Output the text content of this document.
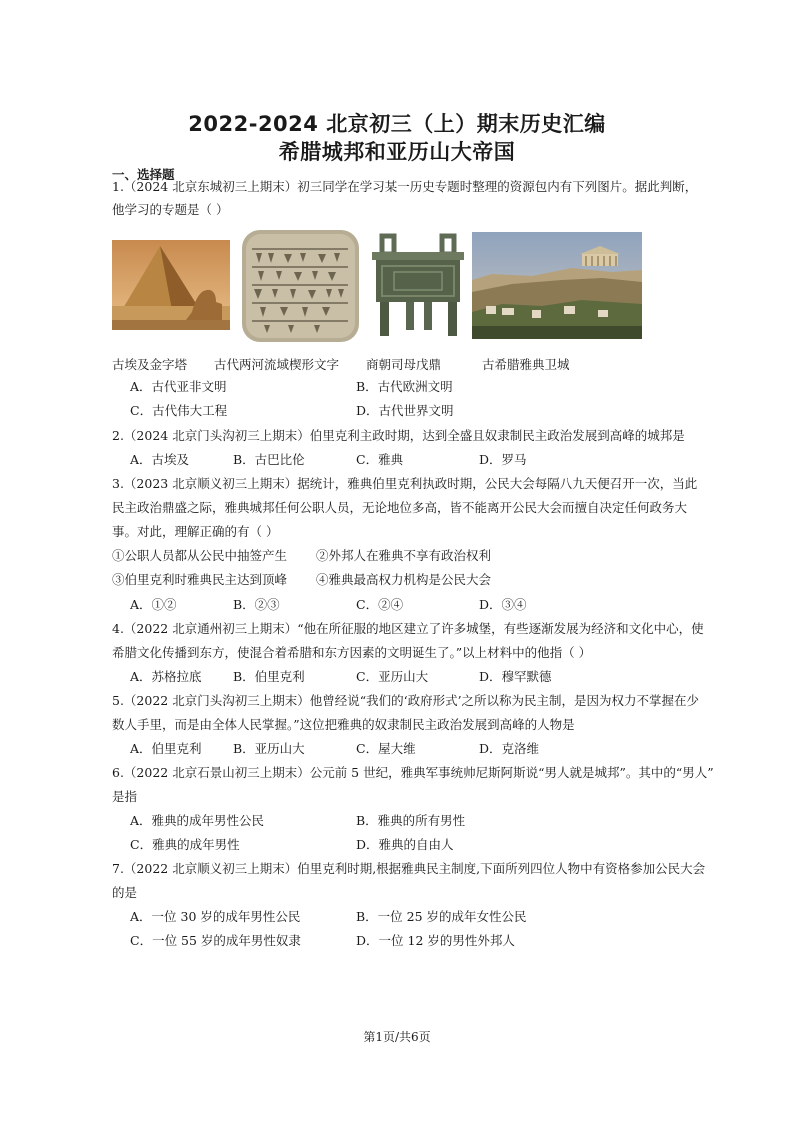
2022-2024 北京初三（上）期末历史汇编
希腊城邦和亚历山大帝国
一、选择题
1.（2024 北京东城初三上期末）初三同学在学习某一历史专题时整理的资源包内有下列图片。据此判断，
他学习的专题是（ ）
古埃及金字塔 古代两河流域楔形文字 商朝司母戊鼎	古希腊雅典卫城
A．古代亚非文明	B．古代欧洲文明
C．古代伟大工程	D．古代世界文明
2.（2024 北京门头沟初三上期末）伯里克利主政时期，达到全盛且奴隶制民主政治发展到高峰的城邦是
A．古埃及	B．古巴比伦	C．雅典	D．罗马
3.（2023 北京顺义初三上期末）据统计，雅典伯里克利执政时期，公民大会每隔八九天便召开一次，当此
民主政治鼎盛之际，雅典城邦任何公职人员，无论地位多高，皆不能离开公民大会而擅自决定任何政务大
事。对此，理解正确的有（ ）
①公职人员都从公民中抽签产生 ②外邦人在雅典不享有政治权利
③伯里克利时雅典民主达到顶峰 ④雅典最高权力机构是公民大会
A．①②	B．②③	C．②④	D．③④
4.（2022 北京通州初三上期末）“他在所征服的地区建立了许多城堡，有些逐渐发展为经济和文化中心，使
希腊文化传播到东方，使混合着希腊和东方因素的文明诞生了。”以上材料中的他指（ ）
A．苏格拉底	B．伯里克利	C．亚历山大	D．穆罕默德
5.（2022 北京门头沟初三上期末）他曾经说“我们的‘政府形式’之所以称为民主制，是因为权力不掌握在少
数人手里，而是由全体人民掌握。”这位把雅典的奴隶制民主政治发展到高峰的人物是
A．伯里克利	B．亚历山大	C．屋大维	D．克洛维
6.（2022 北京石景山初三上期末）公元前 5 世纪，雅典军事统帅尼斯阿斯说“男人就是城邦”。其中的“男人”
是指
A．雅典的成年男性公民	B．雅典的所有男性
C．雅典的成年男性	D．雅典的自由人
7.（2022 北京顺义初三上期末）伯里克利时期,根据雅典民主制度,下面所列四位人物中有资格参加公民大会
的是
A．一位 30 岁的成年男性公民	B．一位 25 岁的成年女性公民
C．一位 55 岁的成年男性奴隶	D．一位 12 岁的男性外邦人
第1页/共6页
